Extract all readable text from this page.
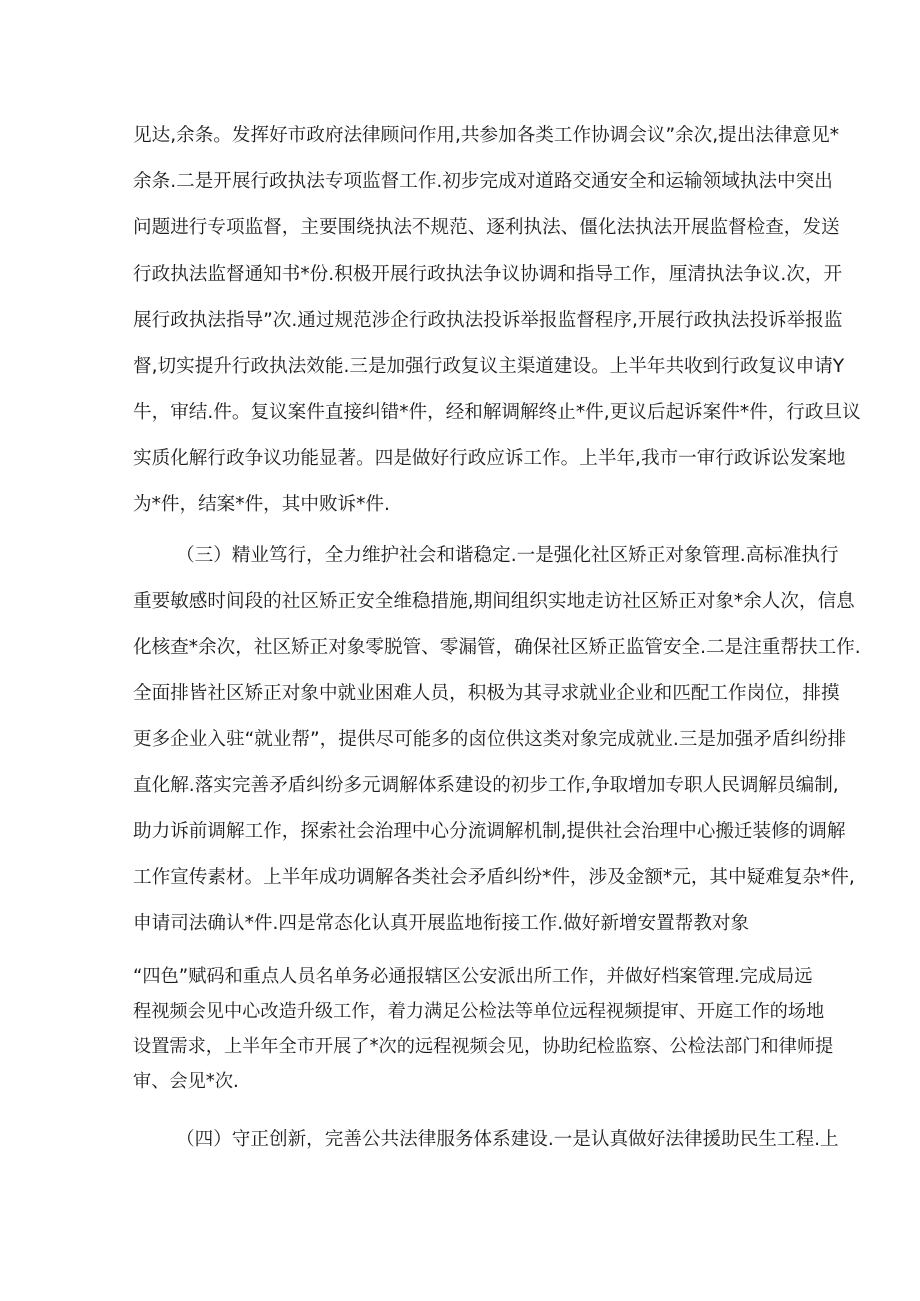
见达,余条。发挥好市政府法律顾问作用,共参加各类工作协调会议”余次,提出法律意见*
余条.二是开展行政执法专项监督工作.初步完成对道路交通安全和运输领域执法中突出
问题进行专项监督，主要围绕执法不规范、逐利执法、僵化法执法开展监督检查，发送
行政执法监督通知书*份.积极开展行政执法争议协调和指导工作，厘清执法争议.次，开
展行政执法指导”次.通过规范涉企行政执法投诉举报监督程序,开展行政执法投诉举报监
督,切实提升行政执法效能.三是加强行政复议主渠道建设。上半年共收到行政复议申请Y
牛，审结.件。复议案件直接纠错*件，经和解调解终止*件,更议后起诉案件*件，行政旦议
实质化解行政争议功能显著。四是做好行政应诉工作。上半年,我市一审行政诉讼发案地
为*件，结案*件，其中败诉*件.
（三）精业笃行，全力维护社会和谐稳定.一是强化社区矫正对象管理.高标准执行
重要敏感时间段的社区矫正安全维稳措施,期间组织实地走访社区矫正对象*余人次，信息
化核查*余次，社区矫正对象零脱管、零漏管，确保社区矫正监管安全.二是注重帮扶工作.
全面排皆社区矫正对象中就业困难人员，积极为其寻求就业企业和匹配工作岗位，排摸
更多企业入驻“就业帮”，提供尽可能多的卤位供这类对象完成就业.三是加强矛盾纠纷排
直化解.落实完善矛盾纠纷多元调解体系建设的初步工作,争取增加专职人民调解员编制,
助力诉前调解工作，探索社会治理中心分流调解机制,提供社会治理中心搬迁装修的调解
工作宣传素材。上半年成功调解各类社会矛盾纠纷*件，涉及金额*元，其中疑难复杂*件,
申请司法确认*件.四是常态化认真开展监地衔接工作.做好新增安置帮教对象
“四色”赋码和重点人员名单务必通报辖区公安派出所工作，并做好档案管理.完成局远
程视频会见中心改造升级工作，着力满足公检法等单位远程视频提审、开庭工作的场地
设置需求，上半年全市开展了*次的远程视频会见，协助纪检监察、公检法部门和律师提
审、会见*次.
（四）守正创新，完善公共法律服务体系建设.一是认真做好法律援助民生工程.上
